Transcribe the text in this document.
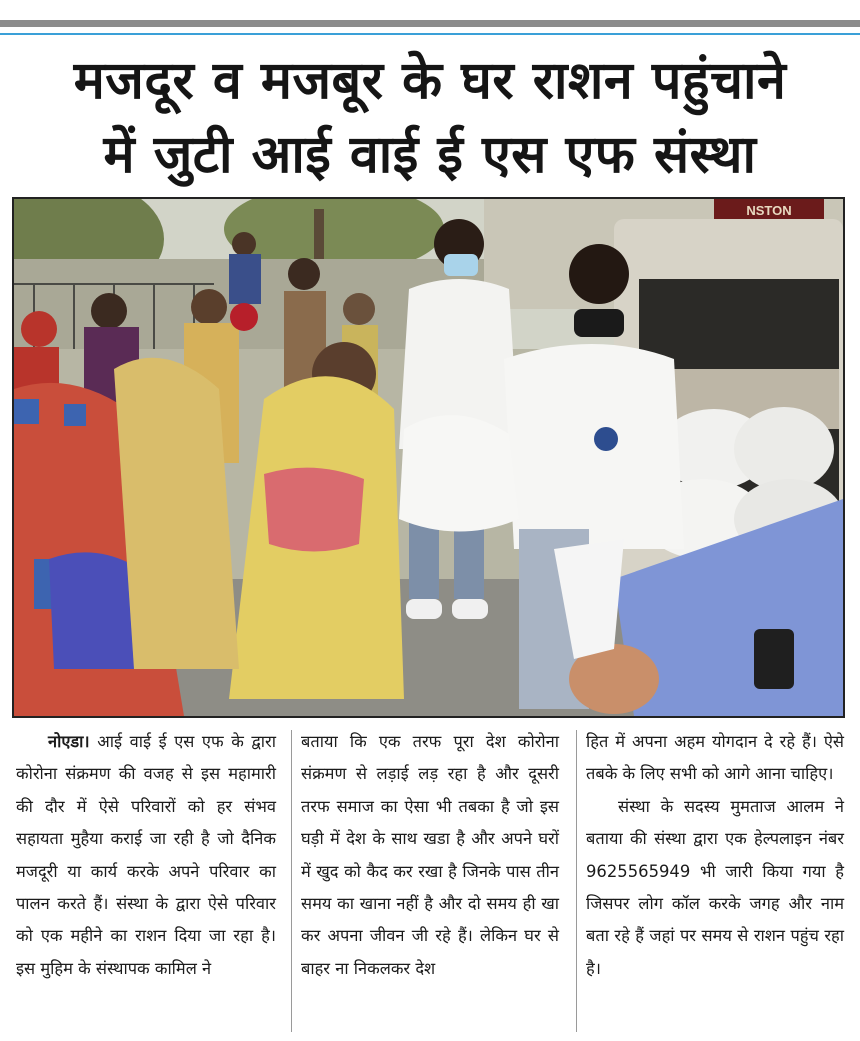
मजदूर व मजबूर के घर राशन पहुंचाने
में जुटी आई वाई ई एस एफ संस्था
NSTON

नोएडा। आई वाई ई एस एफ के द्वारा कोरोना संक्रमण की वजह से इस महामारी की दौर में ऐसे परिवारों को हर संभव सहायता मुहैया कराई जा रही है जो दैनिक मजदूरी या कार्य करके अपने परिवार का पालन करते हैं। संस्था के द्वारा ऐसे परिवार को एक महीने का राशन दिया जा रहा है। इस मुहिम के संस्थापक कामिल ने

बताया कि एक तरफ पूरा देश कोरोना संक्रमण से लड़ाई लड़ रहा है और दूसरी तरफ समाज का ऐसा भी तबका है जो इस घड़ी में देश के साथ खडा है और अपने घरों में खुद को कैद कर रखा है जिनके पास तीन समय का खाना नहीं है और दो समय ही खा कर अपना जीवन जी रहे हैं। लेकिन घर से बाहर ना निकलकर देश

हित में अपना अहम योगदान दे रहे हैं। ऐसे तबके के लिए सभी को आगे आना चाहिए।

संस्था के सदस्य मुमताज आलम ने बताया की संस्था द्वारा एक हेल्पलाइन नंबर 9625565949 भी जारी किया गया है जिसपर लोग कॉल करके जगह और नाम बता रहे हैं जहां पर समय से राशन पहुंच रहा है।
